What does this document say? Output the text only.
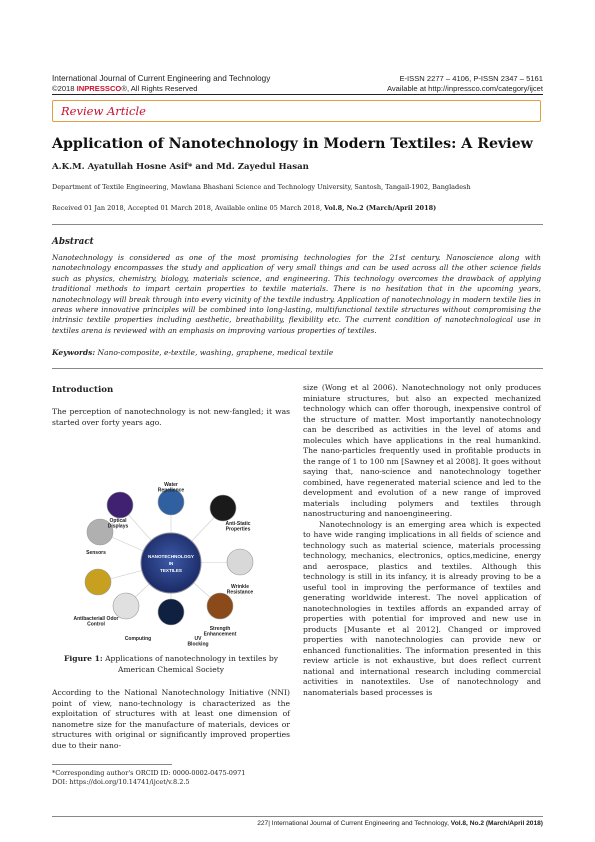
International Journal of Current Engineering and Technology
©2018 INPRESSCO®, All Rights Reserved
E-ISSN 2277 – 4106, P-ISSN 2347 – 5161
Available at http://inpressco.com/category/ijcet
Review Article
Application of Nanotechnology in Modern Textiles: A Review
A.K.M. Ayatullah Hosne Asif* and Md. Zayedul Hasan
Department of Textile Engineering, Mawlana Bhashani Science and Technology University, Santosh, Tangail-1902, Bangladesh
Received 01 Jan 2018, Accepted 01 March 2018, Available online 05 March 2018, Vol.8, No.2 (March/April 2018)
Abstract
Nanotechnology is considered as one of the most promising technologies for the 21st century. Nanoscience along with nanotechnology encompasses the study and application of very small things and can be used across all the other science fields such as physics, chemistry, biology, materials science, and engineering. This technology overcomes the drawback of applying traditional methods to impart certain properties to textile materials. There is no hesitation that in the upcoming years, nanotechnology will break through into every vicinity of the textile industry. Application of nanotechnology in modern textile lies in areas where innovative principles will be combined into long-lasting, multifunctional textile structures without compromising the intrinsic textile properties including aesthetic, breathability, flexibility etc. The current condition of nanotechnological use in textiles arena is reviewed with an emphasis on improving various properties of textiles.
Keywords: Nano-composite, e-textile, washing, graphene, medical textile
Introduction
The perception of nanotechnology is not new-fangled; it was started over forty years ago.
Water Repellence
Anti-Static Properties
Wrinkle Resistance
Strength Enhancement
UV Blocking
Computing
Antibacterial/ Odor Control
Sensors
Optical Displays
NANOTECHNOLOGY
IN
TEXTILES
Figure 1: Applications of nanotechnology in textiles by American Chemical Society
According to the National Nanotechnology Initiative (NNI) point of view, nano-technology is characterized as the exploitation of structures with at least one dimension of nanometre size for the manufacture of materials, devices or structures with original or significantly improved properties due to their nano-
*Corresponding author's ORCID ID: 0000-0002-0475-0971
DOI: https://doi.org/10.14741/ijcet/v.8.2.5

size (Wong et al 2006). Nanotechnology not only produces miniature structures, but also an expected mechanized technology which can offer thorough, inexpensive control of the structure of matter. Most importantly nanotechnology can be described as activities in the level of atoms and molecules which have applications in the real humankind. The nano-particles frequently used in profitable products in the range of 1 to 100 nm [Sawney et al 2008]. It goes without saying that, nano-science and nanotechnology together combined, have regenerated material science and led to the development and evolution of a new range of improved materials including polymers and textiles through nanostructuring and nanoengineering.

Nanotechnology is an emerging area which is expected to have wide ranging implications in all fields of science and technology such as material science, materials processing technology, mechanics, electronics, optics,medicine, energy and aerospace, plastics and textiles. Although this technology is still in its infancy, it is already proving to be a useful tool in improving the performance of textiles and generating worldwide interest. The novel application of nanotechnologies in textiles affords an expanded array of properties with potential for improved and new use in products [Musante et al 2012]. Changed or improved properties with nanotechnologies can provide new or enhanced functionalities. The information presented in this review article is not exhaustive, but does reflect current national and international research including commercial activities in nanotextiles. Use of nanotechnology and nanomaterials based processes is

227| International Journal of Current Engineering and Technology, Vol.8, No.2 (March/April 2018)
